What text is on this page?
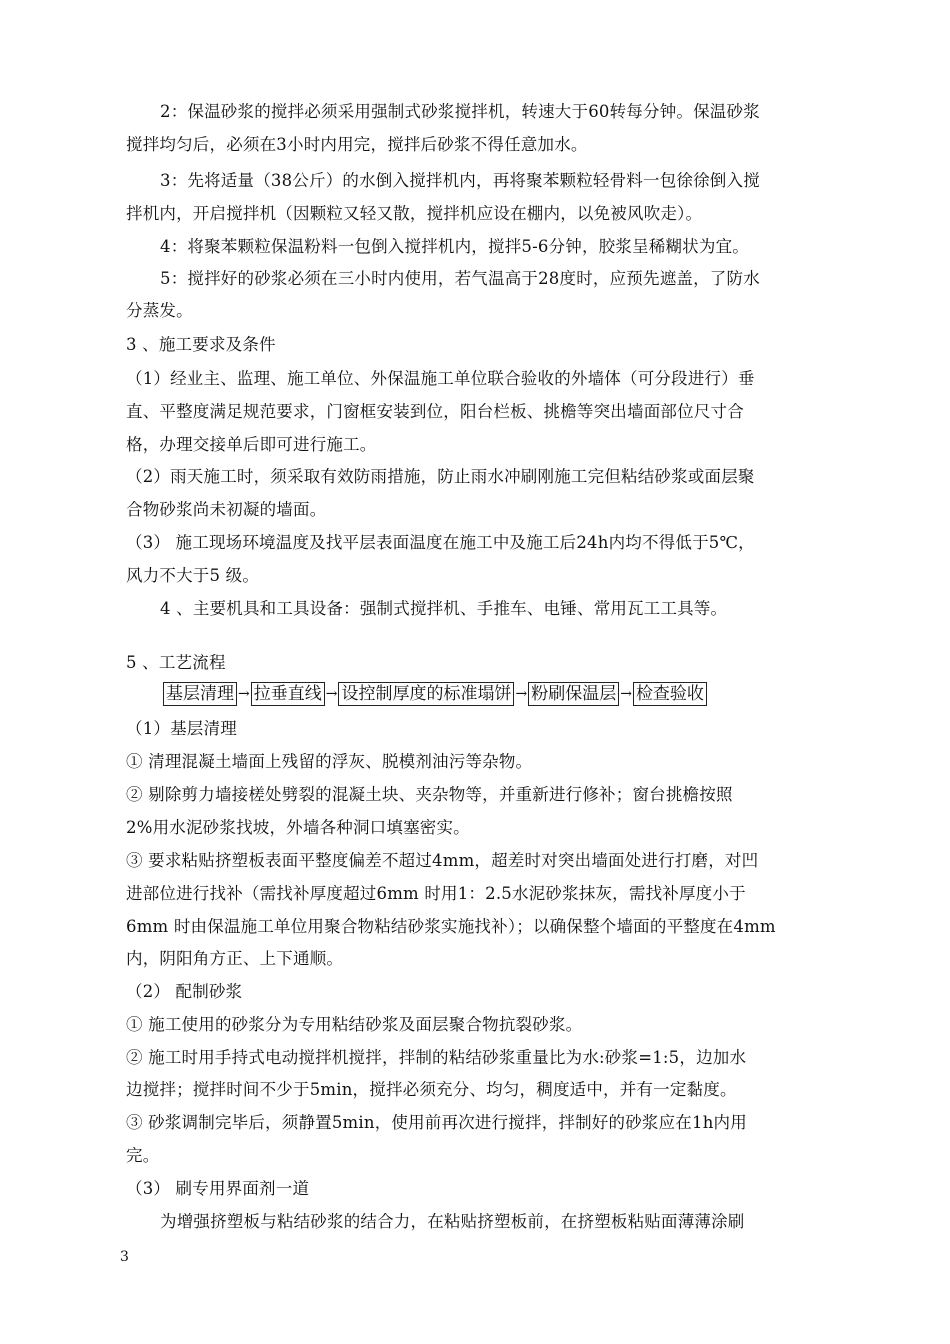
2：保温砂浆的搅拌必须采用强制式砂浆搅拌机，转速大于60转每分钟。保温砂浆
搅拌均匀后，必须在3小时内用完，搅拌后砂浆不得任意加水。
3：先将适量（38公斤）的水倒入搅拌机内，再将聚苯颗粒轻骨料一包徐徐倒入搅
拌机内，开启搅拌机（因颗粒又轻又散，搅拌机应设在棚内，以免被风吹走）。
4：将聚苯颗粒保温粉料一包倒入搅拌机内，搅拌5-6分钟，胶浆呈稀糊状为宜。
5：搅拌好的砂浆必须在三小时内使用，若气温高于28度时，应预先遮盖，了防水
分蒸发。
3 、施工要求及条件
（1）经业主、监理、施工单位、外保温施工单位联合验收的外墙体（可分段进行）垂
直、平整度满足规范要求，门窗框安装到位，阳台栏板、挑檐等突出墙面部位尺寸合
格，办理交接单后即可进行施工。
（2）雨天施工时，须采取有效防雨措施，防止雨水冲刷刚施工完但粘结砂浆或面层聚
合物砂浆尚未初凝的墙面。
（3） 施工现场环境温度及找平层表面温度在施工中及施工后24h内均不得低于5℃，
风力不大于5 级。
4 、主要机具和工具设备：强制式搅拌机、手推车、电锤、常用瓦工工具等。
5 、工艺流程
基层清理 → 拉垂直线 → 设控制厚度的标准塌饼 → 粉刷保温层 → 检查验收
（1）基层清理
① 清理混凝土墙面上残留的浮灰、脱模剂油污等杂物。
② 剔除剪力墙接槎处劈裂的混凝土块、夹杂物等，并重新进行修补；窗台挑檐按照
2%用水泥砂浆找坡，外墙各种洞口填塞密实。
③ 要求粘贴挤塑板表面平整度偏差不超过4mm，超差时对突出墙面处进行打磨，对凹
进部位进行找补（需找补厚度超过6mm 时用1：2.5水泥砂浆抹灰，需找补厚度小于
6mm 时由保温施工单位用聚合物粘结砂浆实施找补）；以确保整个墙面的平整度在4mm
内，阴阳角方正、上下通顺。
（2） 配制砂浆
① 施工使用的砂浆分为专用粘结砂浆及面层聚合物抗裂砂浆。
② 施工时用手持式电动搅拌机搅拌，拌制的粘结砂浆重量比为水:砂浆=1:5，边加水
边搅拌；搅拌时间不少于5min，搅拌必须充分、均匀，稠度适中，并有一定黏度。
③ 砂浆调制完毕后，须静置5min，使用前再次进行搅拌，拌制好的砂浆应在1h内用
完。
（3） 刷专用界面剂一道
为增强挤塑板与粘结砂浆的结合力，在粘贴挤塑板前，在挤塑板粘贴面薄薄涂刷
3
